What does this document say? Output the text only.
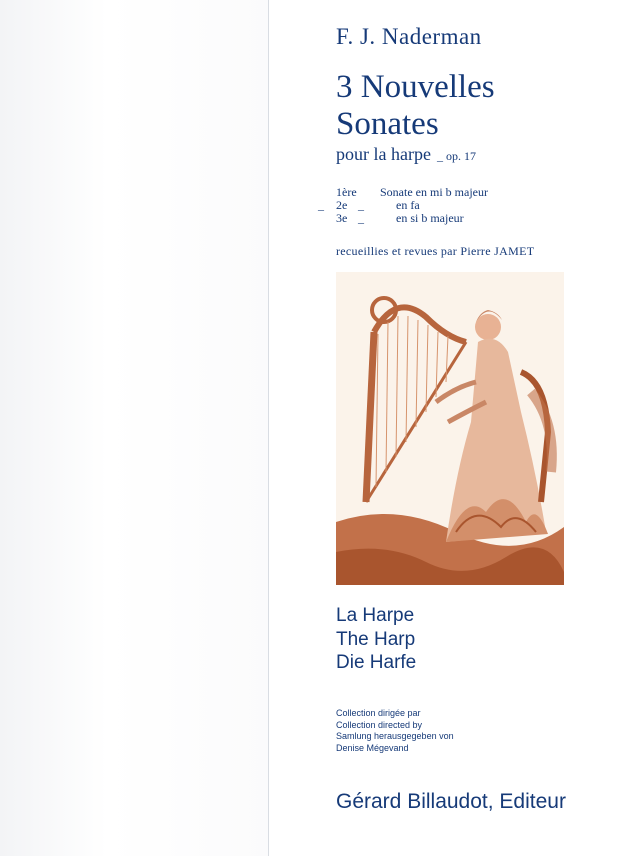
F. J. Naderman
3 Nouvelles
Sonates
pour la harpe _ op. 17
1ère	Sonate en mi b majeur
_ 2e _	en fa
3e _	en si b majeur
recueillies et revues par Pierre JAMET
La Harpe
The Harp
Die Harfe
Collection dirigée par
Collection directed by
Samlung herausgegeben von
Denise Mégevand
Gérard Billaudot, Editeur
